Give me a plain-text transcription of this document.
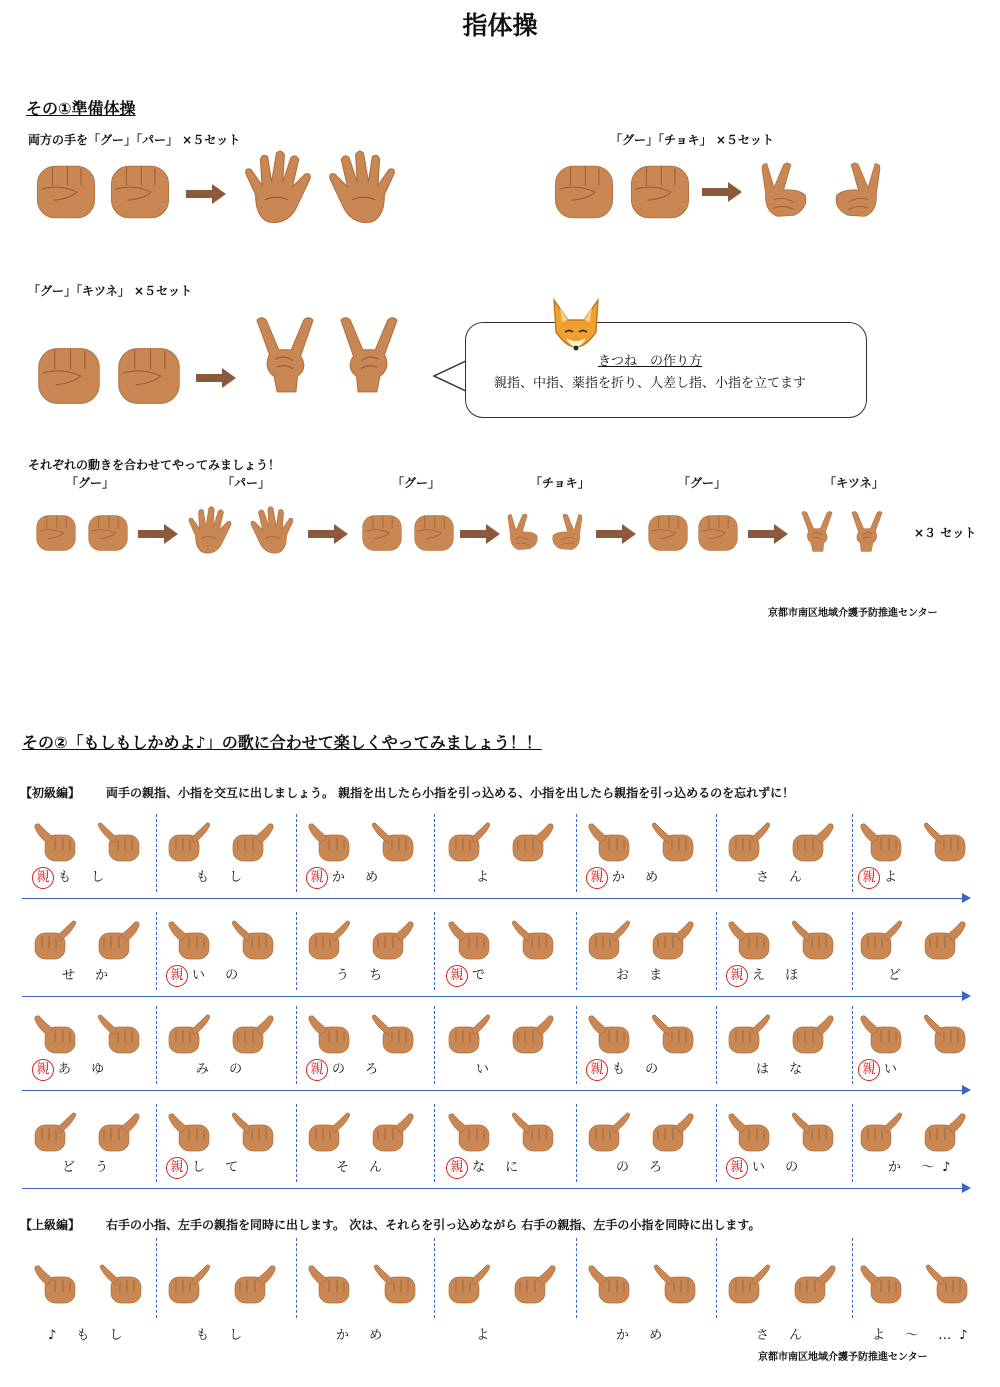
指体操
その①準備体操
両方の手を「グー」「パー」 ×５セット	「グー」「チョキ」 ×５セット
「グー」「キツネ」 ×５セット
きつね　の作り方
親指、中指、薬指を折り、人差し指、小指を立てます
それぞれの動きを合わせてやってみましょう！
「グー」	「パー」	「グー」	「チョキ」	「グー」	「キツネ」
×３ セット
京都市南区地域介護予防推進センター
その②「もしもしかめよ♪」の歌に合わせて楽しくやってみましょう！！
【初級編】 両手の親指、小指を交互に出しましょう。 親指を出したら小指を引っ込める、小指を出したら親指を引っ込めるのを忘れずに！
【上級編】 右手の小指、左手の親指を同時に出します。 次は、それらを引っ込めながら 右手の親指、左手の小指を同時に出します。
京都市南区地域介護予防推進センター
親 も し	も し	親 か め	よ	親 か め	さ ん	親 よ
せ か	親 い の	う ち	親 で	お ま	親 え ほ	ど
親 あ ゆ	み の	親 の ろ	い	親 も の	は な	親 い
ど う	親 し て	そ ん	親 な に	の ろ	親 い の	か 〜♪
♪ も し	も し	か め	よ	か め	さ ん	よ 〜 …♪
